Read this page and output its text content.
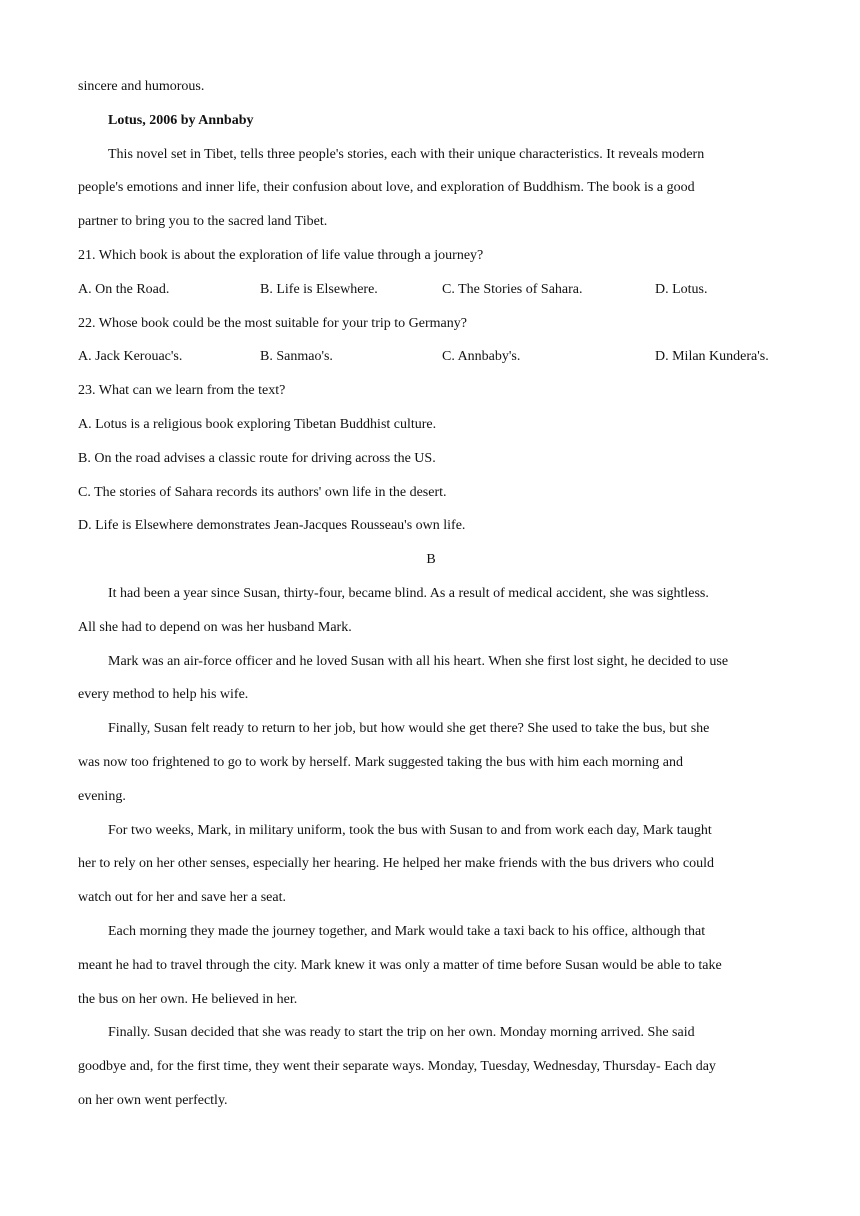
sincere and humorous.
Lotus, 2006 by Annbaby
This novel set in Tibet, tells three people's stories, each with their unique characteristics. It reveals modern
people's emotions and inner life, their confusion about love, and exploration of Buddhism. The book is a good
partner to bring you to the sacred land Tibet.
21. Which book is about the exploration of life value through a journey?
A. On the Road.	B. Life is Elsewhere.	C. The Stories of Sahara.	D. Lotus.
22. Whose book could be the most suitable for your trip to Germany?
A. Jack Kerouac's.	B. Sanmao's.	C. Annbaby's.	D. Milan Kundera's.
23. What can we learn from the text?
A. Lotus is a religious book exploring Tibetan Buddhist culture.
B. On the road advises a classic route for driving across the US.
C. The stories of Sahara records its authors' own life in the desert.
D. Life is Elsewhere demonstrates Jean-Jacques Rousseau's own life.
B
It had been a year since Susan, thirty-four, became blind. As a result of medical accident, she was sightless.
All she had to depend on was her husband Mark.
Mark was an air-force officer and he loved Susan with all his heart. When she first lost sight, he decided to use
every method to help his wife.
Finally, Susan felt ready to return to her job, but how would she get there? She used to take the bus, but she
was now too frightened to go to work by herself. Mark suggested taking the bus with him each morning and
evening.
For two weeks, Mark, in military uniform, took the bus with Susan to and from work each day, Mark taught
her to rely on her other senses, especially her hearing. He helped her make friends with the bus drivers who could
watch out for her and save her a seat.
Each morning they made the journey together, and Mark would take a taxi back to his office, although that
meant he had to travel through the city. Mark knew it was only a matter of time before Susan would be able to take
the bus on her own. He believed in her.
Finally. Susan decided that she was ready to start the trip on her own. Monday morning arrived. She said
goodbye and, for the first time, they went their separate ways. Monday, Tuesday, Wednesday, Thursday- Each day
on her own went perfectly.
